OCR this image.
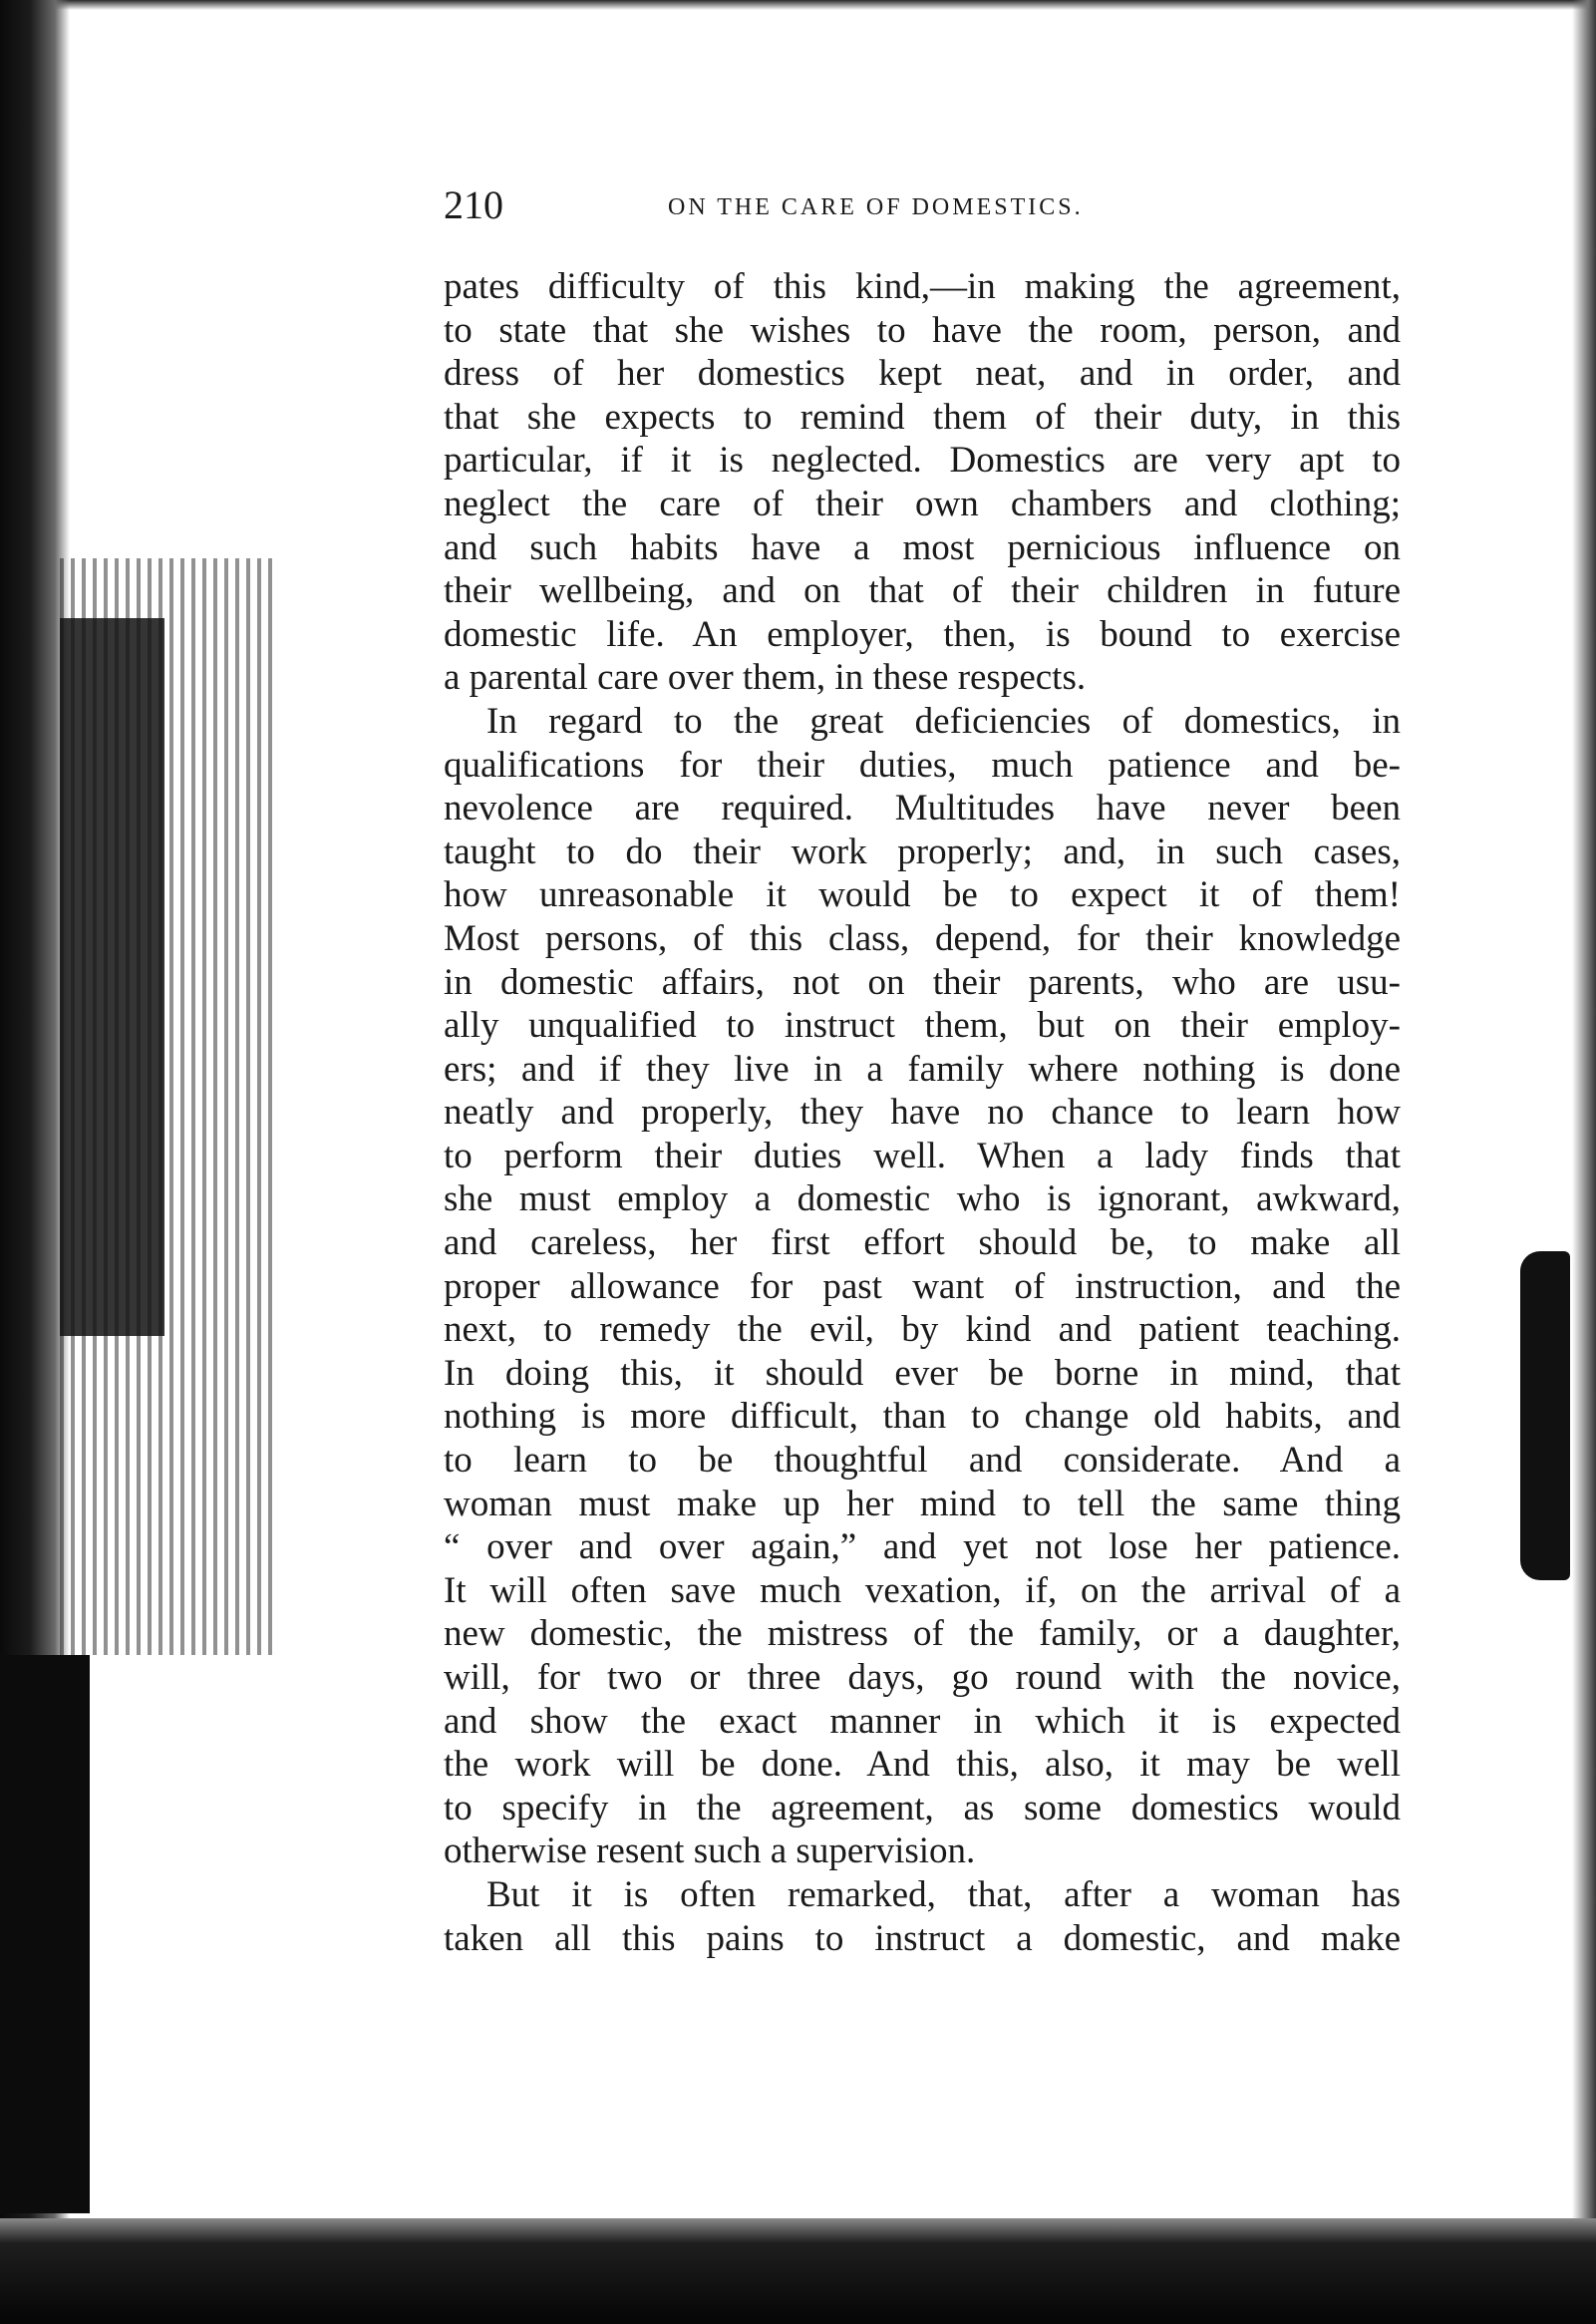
210	ON THE CARE OF DOMESTICS.
pates difficulty of this kind,—in making the agreement,
to state that she wishes to have the room, person, and
dress of her domestics kept neat, and in order, and
that she expects to remind them of their duty, in this
particular, if it is neglected. Domestics are very apt to
neglect the care of their own chambers and clothing;
and such habits have a most pernicious influence on
their wellbeing, and on that of their children in future
domestic life. An employer, then, is bound to exercise
a parental care over them, in these respects.
In regard to the great deficiencies of domestics, in
qualifications for their duties, much patience and be-
nevolence are required. Multitudes have never been
taught to do their work properly; and, in such cases,
how unreasonable it would be to expect it of them!
Most persons, of this class, depend, for their knowledge
in domestic affairs, not on their parents, who are usu-
ally unqualified to instruct them, but on their employ-
ers; and if they live in a family where nothing is done
neatly and properly, they have no chance to learn how
to perform their duties well. When a lady finds that
she must employ a domestic who is ignorant, awkward,
and careless, her first effort should be, to make all
proper allowance for past want of instruction, and the
next, to remedy the evil, by kind and patient teaching.
In doing this, it should ever be borne in mind, that
nothing is more difficult, than to change old habits, and
to learn to be thoughtful and considerate. And a
woman must make up her mind to tell the same thing
“ over and over again,” and yet not lose her patience.
It will often save much vexation, if, on the arrival of a
new domestic, the mistress of the family, or a daughter,
will, for two or three days, go round with the novice,
and show the exact manner in which it is expected
the work will be done. And this, also, it may be well
to specify in the agreement, as some domestics would
otherwise resent such a supervision.
But it is often remarked, that, after a woman has
taken all this pains to instruct a domestic, and make
